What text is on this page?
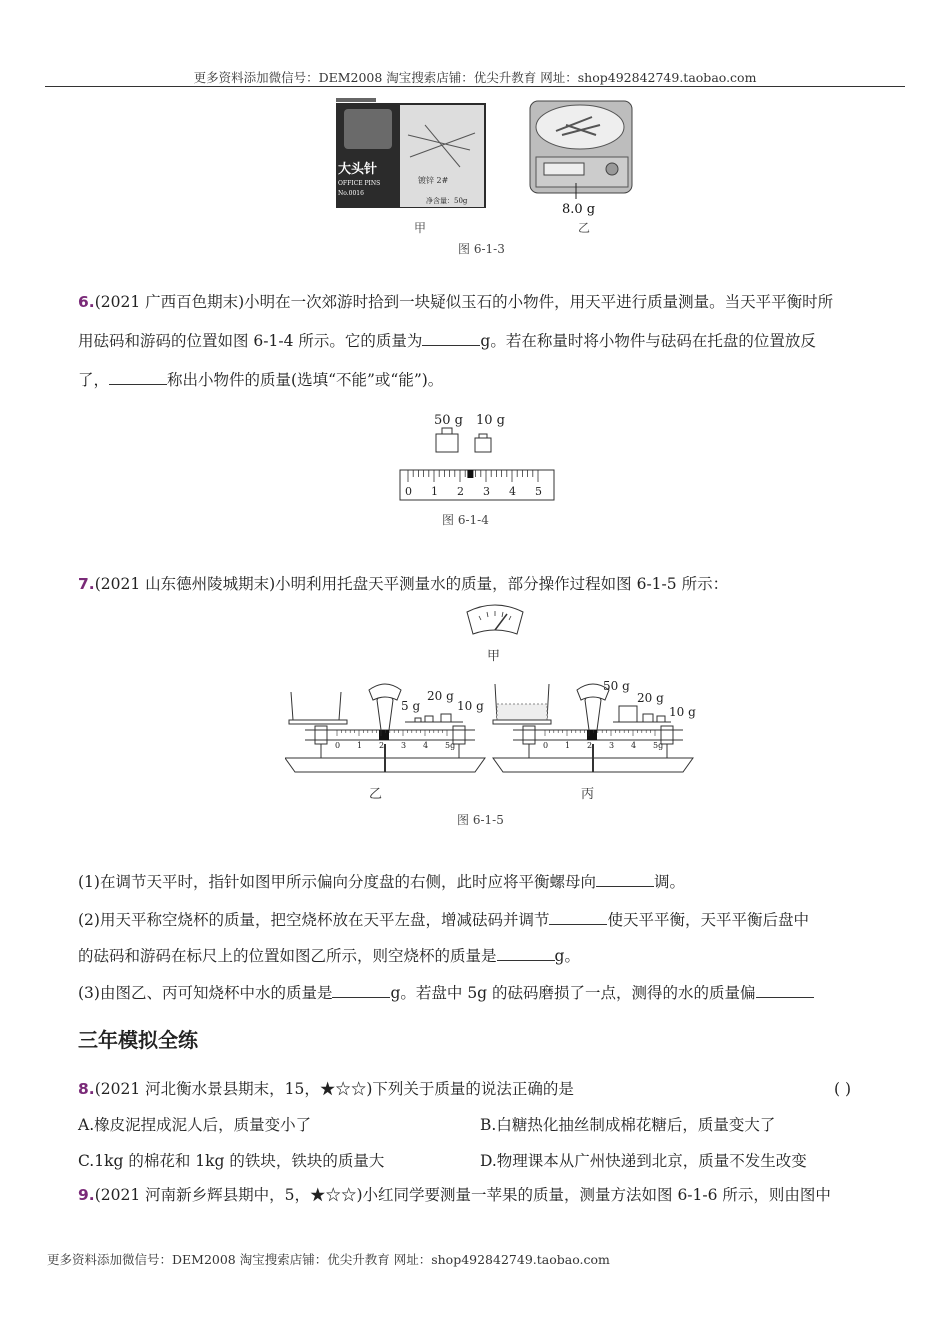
更多资料添加微信号：DEM2008 淘宝搜索店铺：优尖升教育 网址：shop492842749.taobao.com
大头针
OFFICE PINS
No.0016
镀锌 2#
净含量：50g
8.0 g
甲	乙
图 6-1-3
6.(2021 广西百色期末)小明在一次郊游时拾到一块疑似玉石的小物件，用天平进行质量测量。当天平平衡时所
用砝码和游码的位置如图 6-1-4 所示。它的质量为	g。若在称量时将小物件与砝码在托盘的位置放反
了，	称出小物件的质量(选填“不能”或“能”)。
50 g 10 g
0 1 2 3 4 5
图 6-1-4
7.(2021 山东德州陵城期末)小明利用托盘天平测量水的质量，部分操作过程如图 6-1-5 所示：
甲
5 g
20 g
10 g
0 1 2 3 4 5g
乙
50 g
20 g
10 g
0 1 2 3 4 5g
丙
图 6-1-5
(1)在调节天平时，指针如图甲所示偏向分度盘的右侧，此时应将平衡螺母向	调。
(2)用天平称空烧杯的质量，把空烧杯放在天平左盘，增减砝码并调节	使天平平衡，天平平衡后盘中
的砝码和游码在标尺上的位置如图乙所示，则空烧杯的质量是	g。
(3)由图乙、丙可知烧杯中水的质量是	g。若盘中 5g 的砝码磨损了一点，测得的水的质量偏
三年模拟全练
8.(2021 河北衡水景县期末，15，★☆☆)下列关于质量的说法正确的是	( )
A.橡皮泥捏成泥人后，质量变小了	B.白糖热化抽丝制成棉花糖后，质量变大了
C.1kg 的棉花和 1kg 的铁块，铁块的质量大	D.物理课本从广州快递到北京，质量不发生改变
9.(2021 河南新乡辉县期中，5，★☆☆)小红同学要测量一苹果的质量，测量方法如图 6-1-6 所示，则由图中
更多资料添加微信号：DEM2008 淘宝搜索店铺：优尖升教育 网址：shop492842749.taobao.com
